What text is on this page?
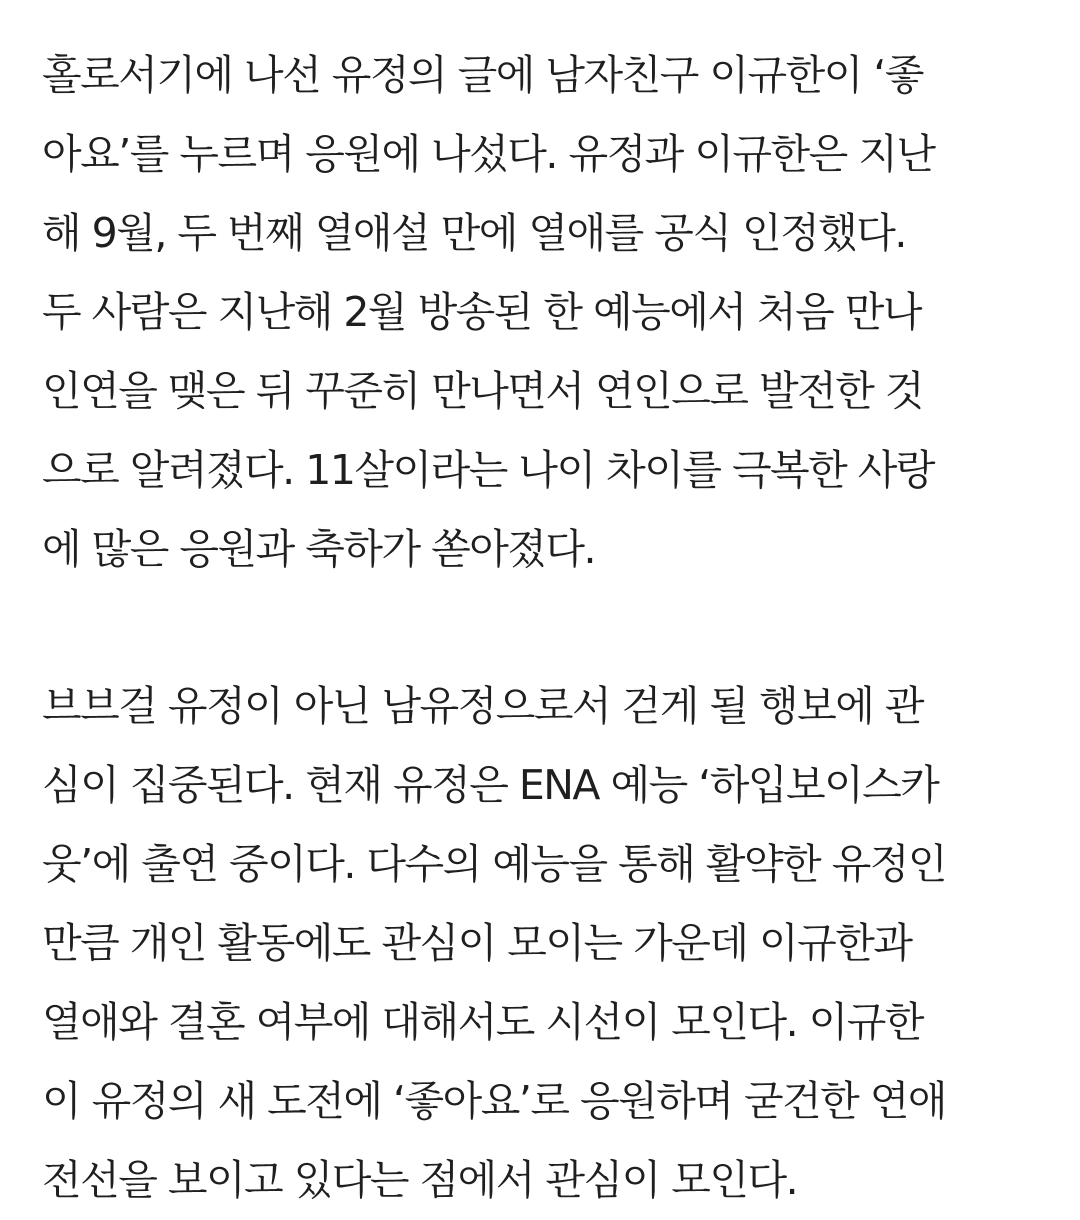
홀로서기에 나선 유정의 글에 남자친구 이규한이 ‘좋
아요’를 누르며 응원에 나섰다. 유정과 이규한은 지난
해 9월, 두 번째 열애설 만에 열애를 공식 인정했다.
두 사람은 지난해 2월 방송된 한 예능에서 처음 만나
인연을 맺은 뒤 꾸준히 만나면서 연인으로 발전한 것
으로 알려졌다. 11살이라는 나이 차이를 극복한 사랑
에 많은 응원과 축하가 쏟아졌다.
브브걸 유정이 아닌 남유정으로서 걷게 될 행보에 관
심이 집중된다. 현재 유정은 ENA 예능 ‘하입보이스카
웃’에 출연 중이다. 다수의 예능을 통해 활약한 유정인
만큼 개인 활동에도 관심이 모이는 가운데 이규한과
열애와 결혼 여부에 대해서도 시선이 모인다. 이규한
이 유정의 새 도전에 ‘좋아요’로 응원하며 굳건한 연애
전선을 보이고 있다는 점에서 관심이 모인다.
